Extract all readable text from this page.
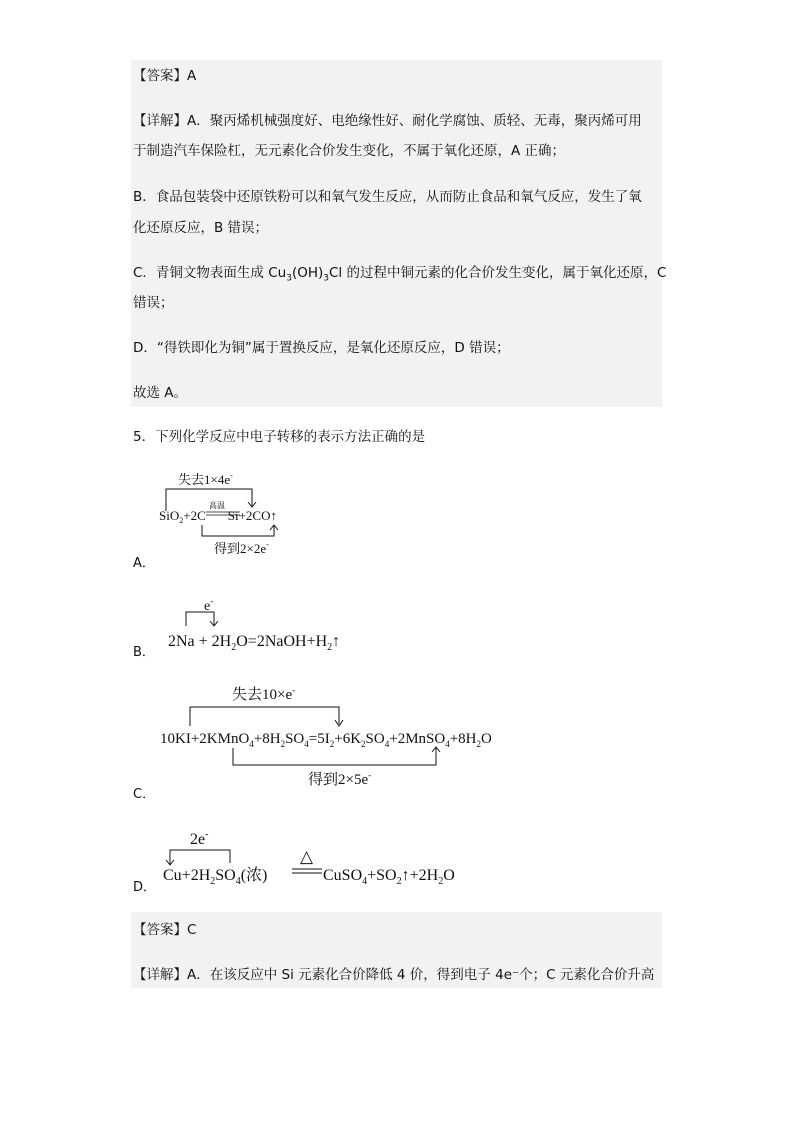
【答案】A
【详解】A．聚丙烯机械强度好、电绝缘性好、耐化学腐蚀、质轻、无毒，聚丙烯可用
于制造汽车保险杠，无元素化合价发生变化，不属于氧化还原，A 正确；
B．食品包装袋中还原铁粉可以和氧气发生反应，从而防止食品和氧气反应，发生了氧
化还原反应，B 错误；
C．青铜文物表面生成 $Cu_3(OH)_3Cl$ 的过程中铜元素的化合价发生变化，属于氧化还原，C
错误；
D．“得铁即化为铜”属于置换反应，是氧化还原反应，D 错误；
故选 A。
5．下列化学反应中电子转移的表示方法正确的是
失去1×4e-
高温
SiO$_2$+2C Si+2CO↑
得到2×2e-
A．
e-
$2Na + 2H_2O=2NaOH+H_2↑$
B．
失去10×e-
$10KI+2KMnO_4+8H_2SO_4=5I_2+6K_2SO_4+2MnSO_4+8H_2O$
得到2×5e-
C．
2e-
$Cu+2H_2SO_4$(浓)
△
$CuSO_4+SO_2↑+2H_2O$
D．
【答案】C
【详解】A．在该反应中 Si 元素化合价降低 4 价，得到电子 4e⁻个；C 元素化合价升高
